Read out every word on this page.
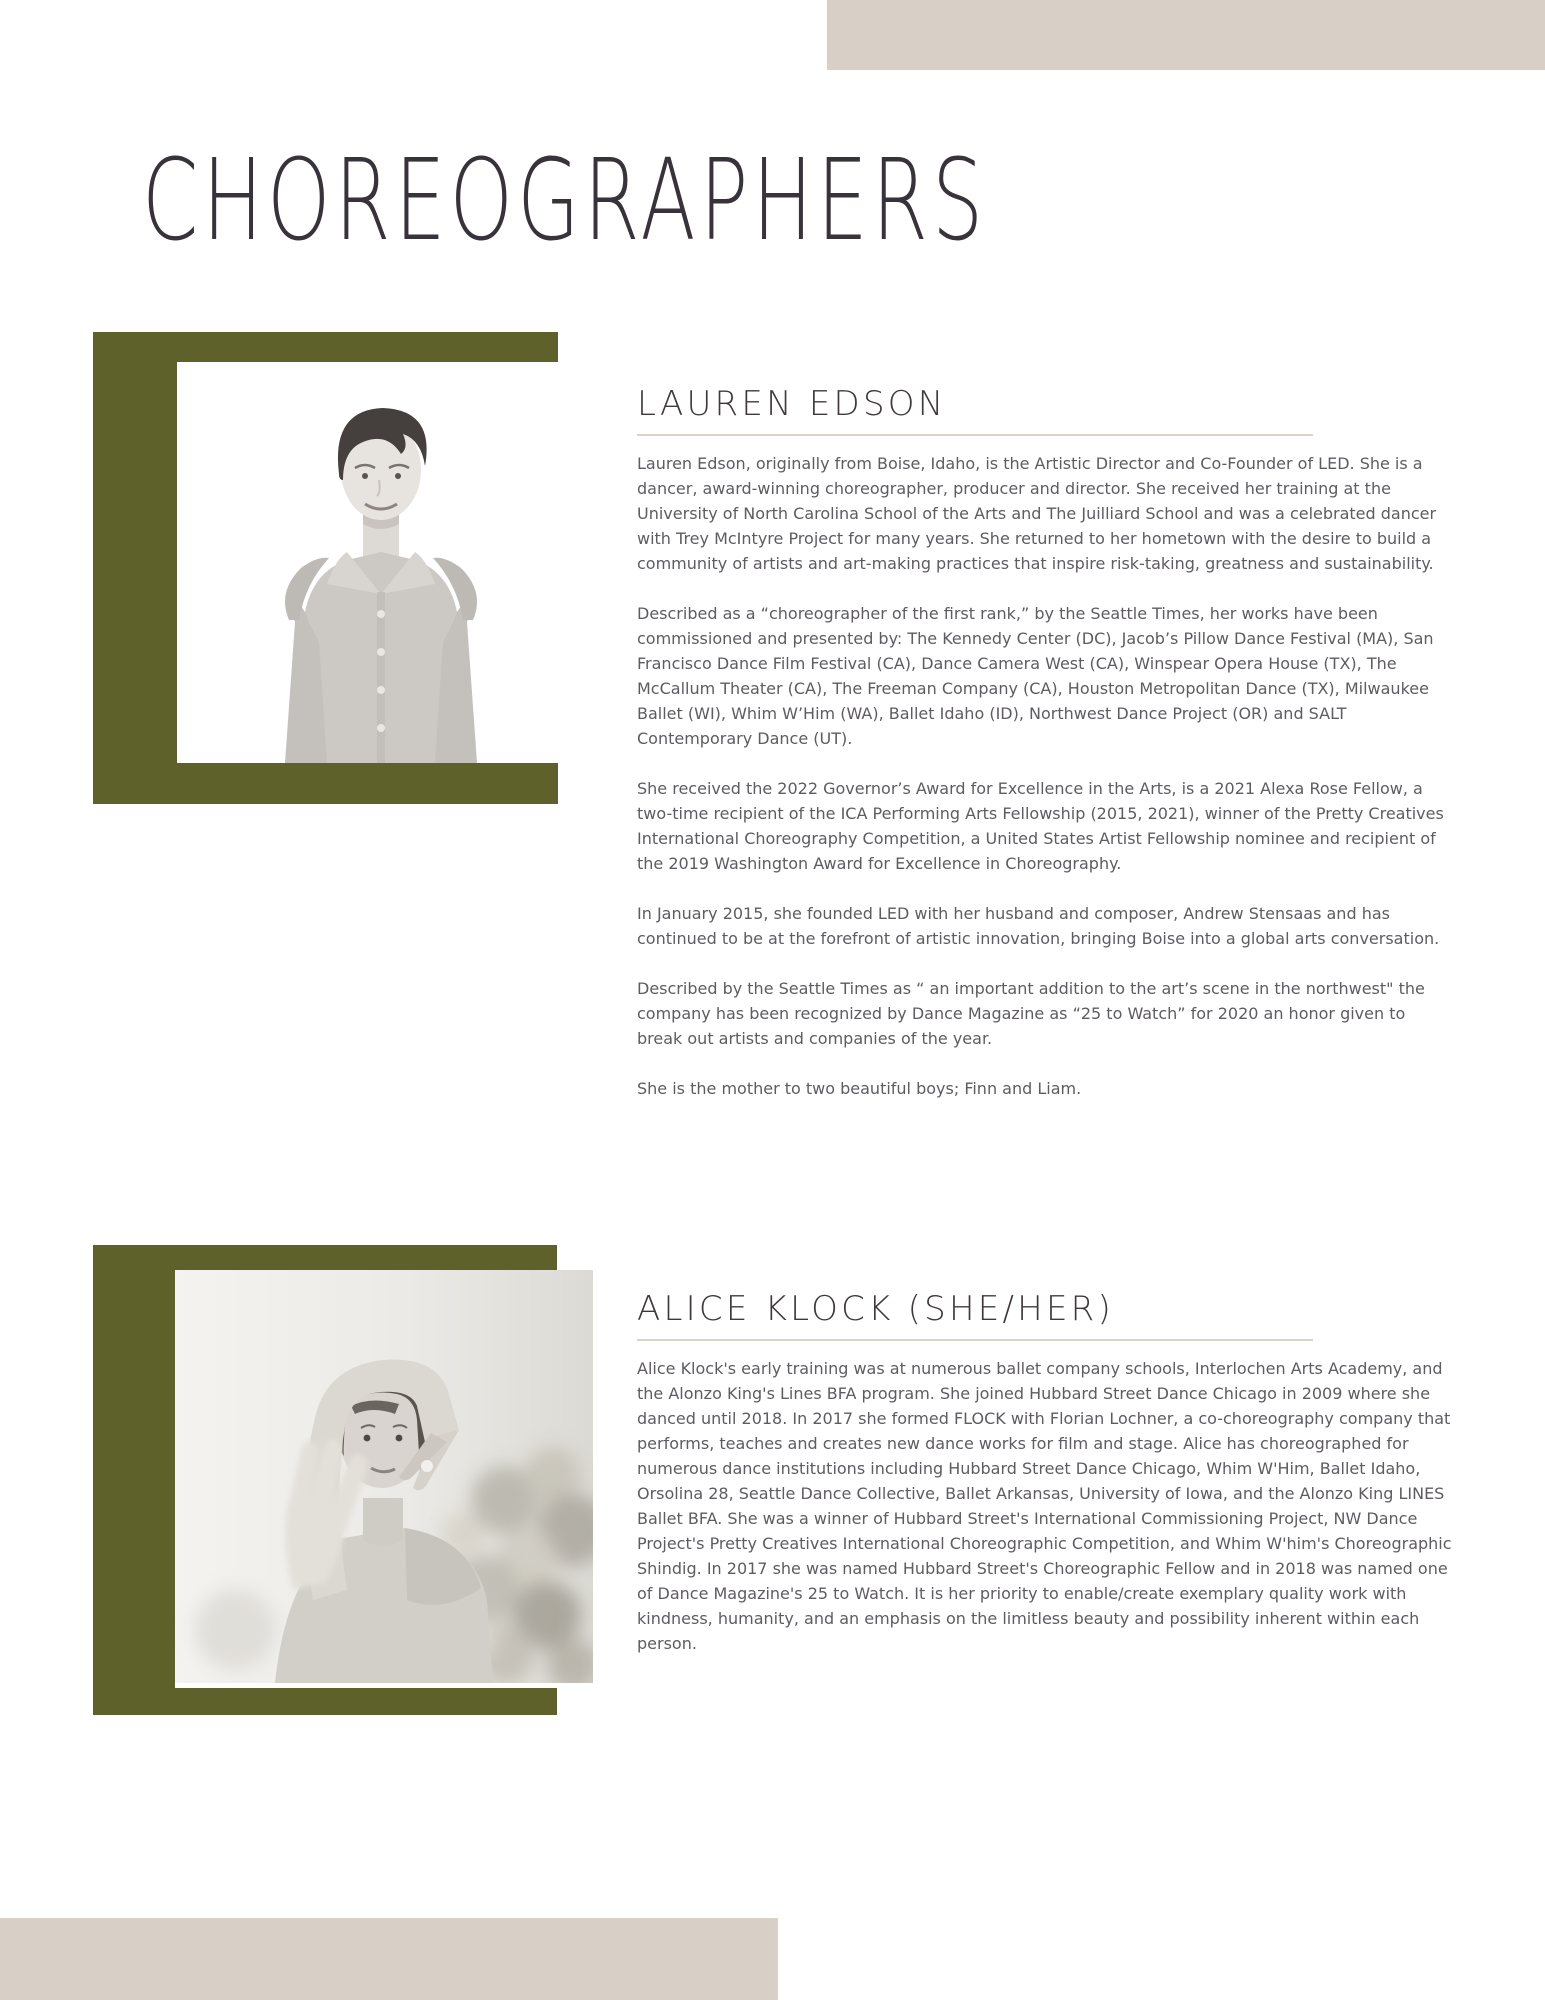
CHOREOGRAPHERS
LAUREN EDSON

Lauren Edson, originally from Boise, Idaho, is the Artistic Director and Co-Founder of LED. She is a dancer, award-winning choreographer, producer and director. She received her training at the University of North Carolina School of the Arts and The Juilliard School and was a celebrated dancer with Trey McIntyre Project for many years. She returned to her hometown with the desire to build a community of artists and art-making practices that inspire risk-taking, greatness and sustainability.

Described as a “choreographer of the first rank,” by the Seattle Times, her works have been commissioned and presented by: The Kennedy Center (DC), Jacob’s Pillow Dance Festival (MA), San Francisco Dance Film Festival (CA), Dance Camera West (CA), Winspear Opera House (TX), The McCallum Theater (CA), The Freeman Company (CA), Houston Metropolitan Dance (TX), Milwaukee Ballet (WI), Whim W’Him (WA), Ballet Idaho (ID), Northwest Dance Project (OR) and SALT Contemporary Dance (UT).

She received the 2022 Governor’s Award for Excellence in the Arts, is a 2021 Alexa Rose Fellow, a two-time recipient of the ICA Performing Arts Fellowship (2015, 2021), winner of the Pretty Creatives International Choreography Competition, a United States Artist Fellowship nominee and recipient of the 2019 Washington Award for Excellence in Choreography.

In January 2015, she founded LED with her husband and composer, Andrew Stensaas and has continued to be at the forefront of artistic innovation, bringing Boise into a global arts conversation.

Described by the Seattle Times as “ an important addition to the art’s scene in the northwest" the company has been recognized by Dance Magazine as “25 to Watch” for 2020 an honor given to break out artists and companies of the year.

She is the mother to two beautiful boys; Finn and Liam.

ALICE KLOCK (SHE/HER)

Alice Klock's early training was at numerous ballet company schools, Interlochen Arts Academy, and the Alonzo King's Lines BFA program. She joined Hubbard Street Dance Chicago in 2009 where she danced until 2018. In 2017 she formed FLOCK with Florian Lochner, a co-choreography company that performs, teaches and creates new dance works for film and stage. Alice has choreographed for numerous dance institutions including Hubbard Street Dance Chicago, Whim W'Him, Ballet Idaho, Orsolina 28, Seattle Dance Collective, Ballet Arkansas, University of Iowa, and the Alonzo King LINES Ballet BFA. She was a winner of Hubbard Street's International Commissioning Project, NW Dance Project's Pretty Creatives International Choreographic Competition, and Whim W'him's Choreographic Shindig. In 2017 she was named Hubbard Street's Choreographic Fellow and in 2018 was named one of Dance Magazine's 25 to Watch. It is her priority to enable/create exemplary quality work with kindness, humanity, and an emphasis on the limitless beauty and possibility inherent within each person.
